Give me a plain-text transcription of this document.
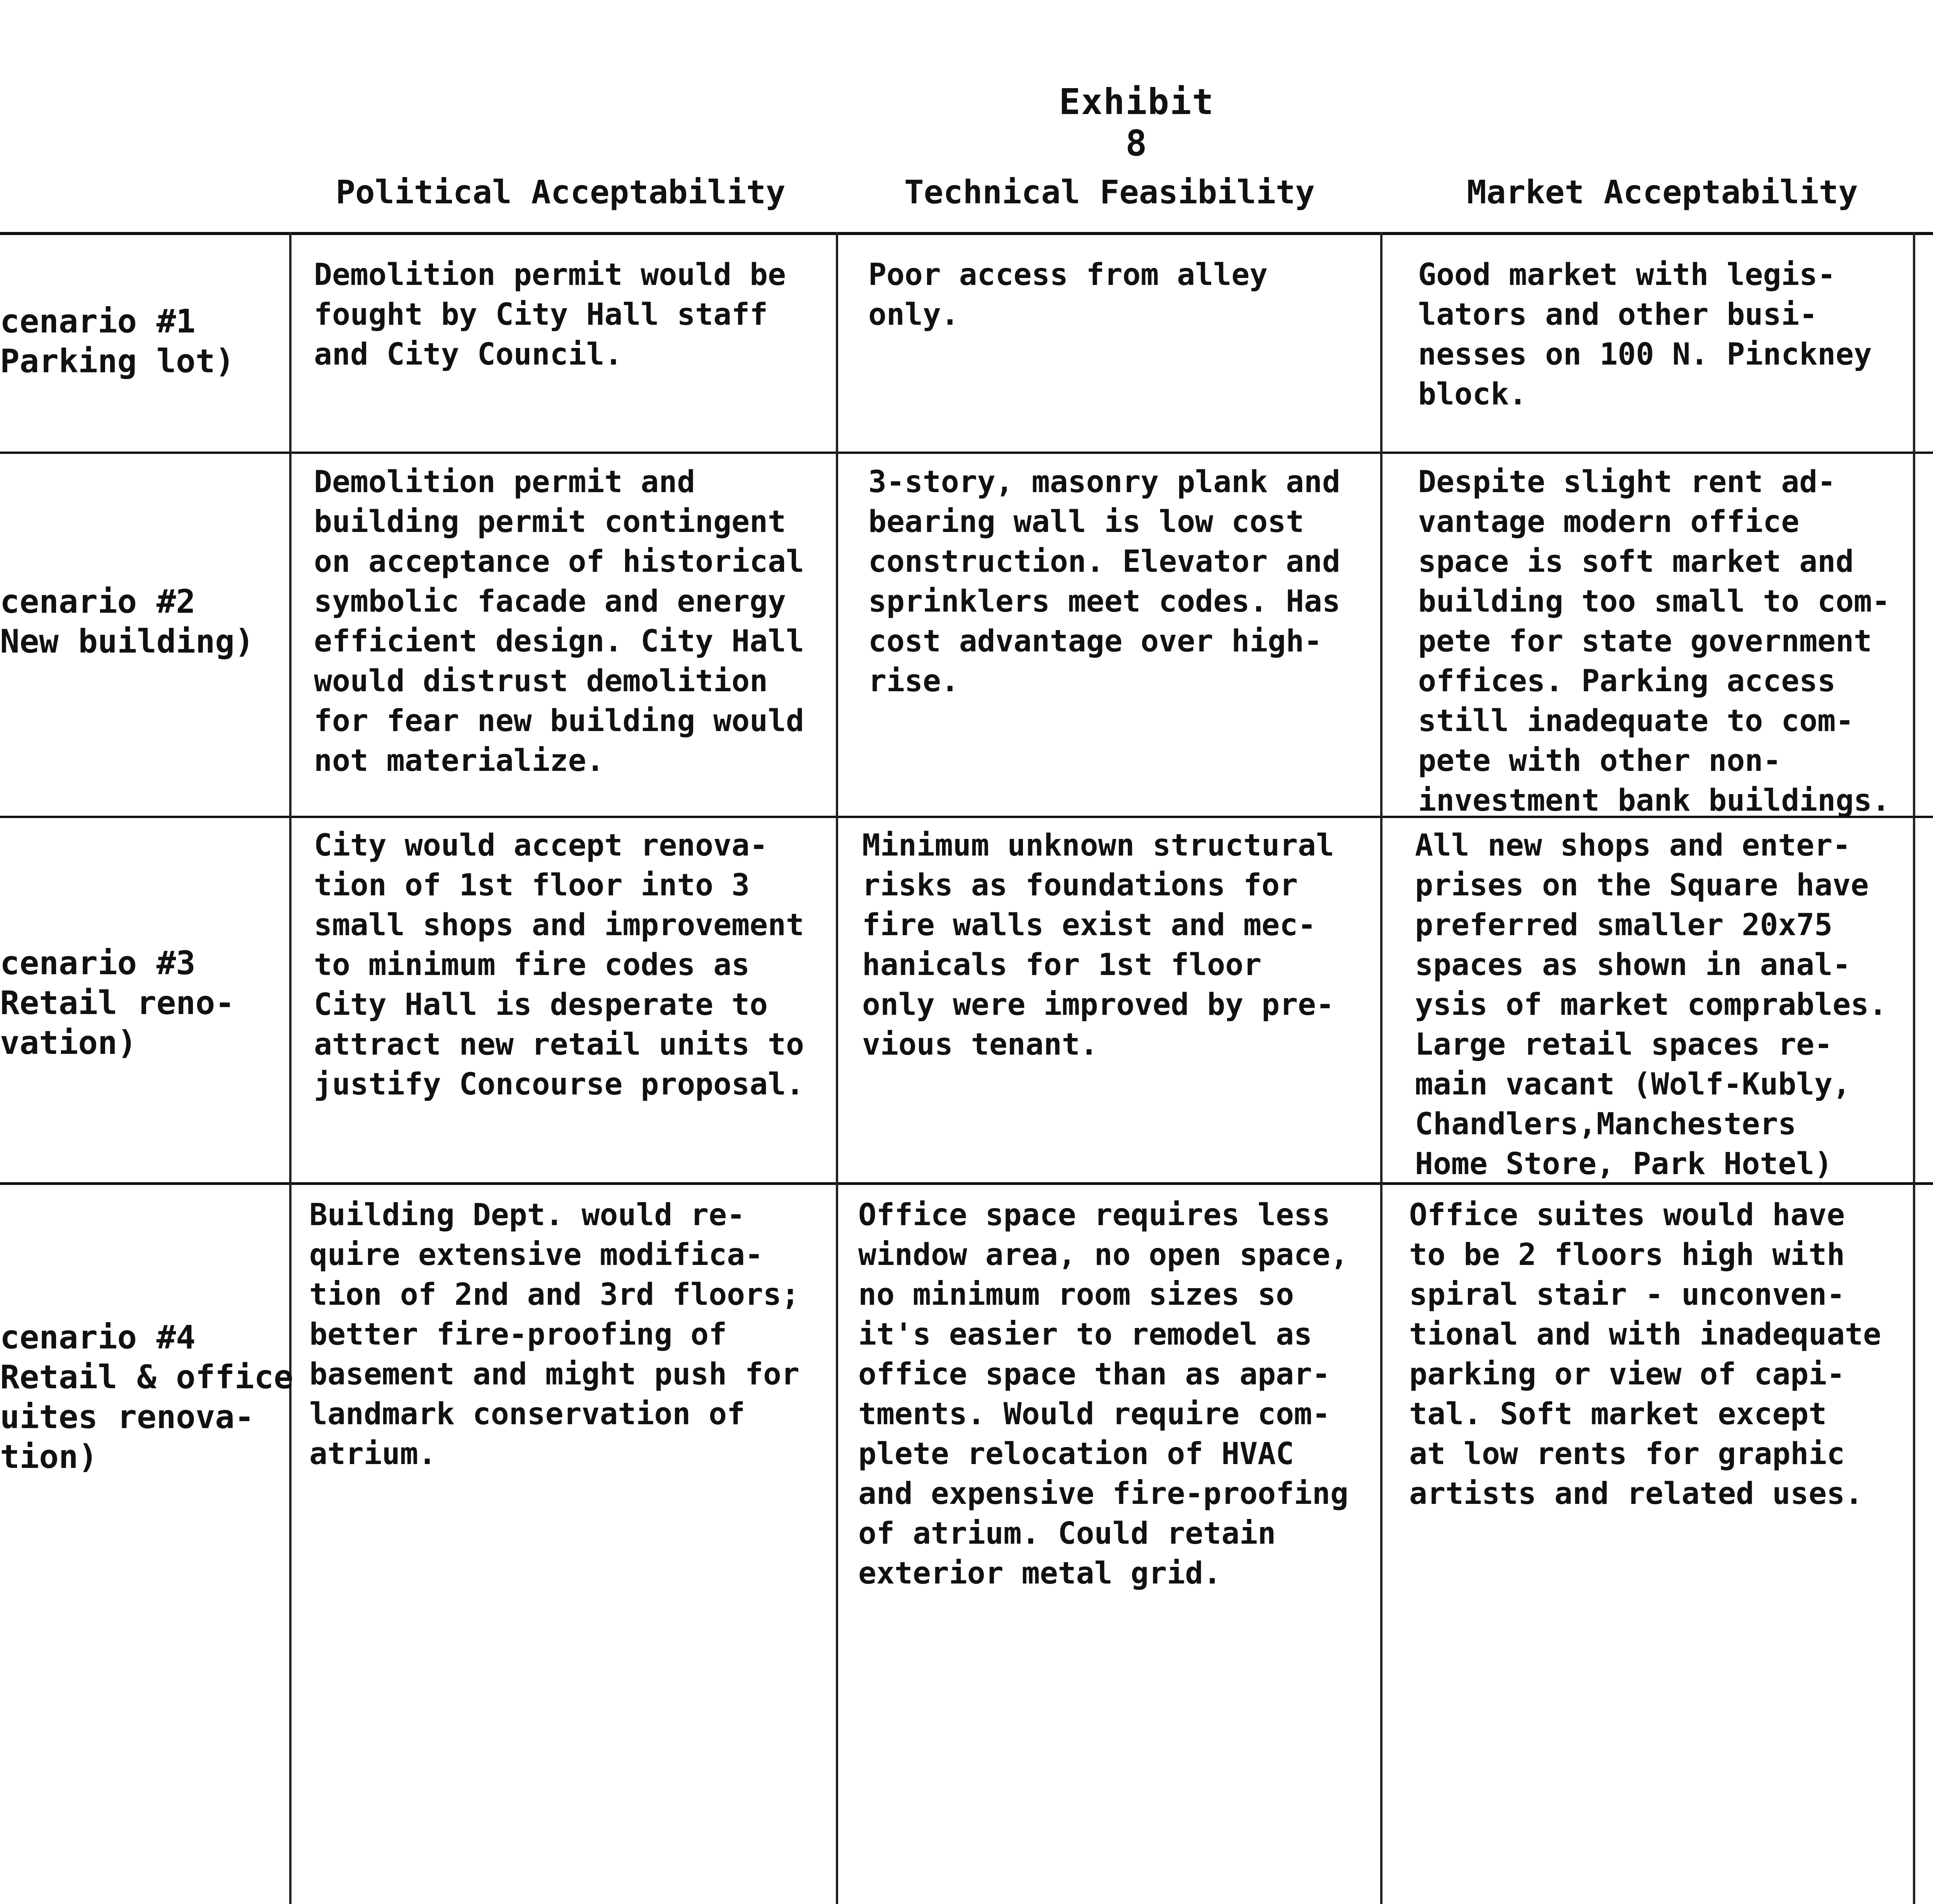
Exhibit 8
Political Acceptability	Technical Feasibility	Market Acceptability
cenario #1
Parking lot)
Demolition permit would be
fought by City Hall staff
and City Council.
Poor access from alley
only.
Good market with legis-
lators and other busi-
nesses on 100 N. Pinckney
block.
cenario #2
New building)
Demolition permit and
building permit contingent
on acceptance of historical
symbolic facade and energy
efficient design. City Hall
would distrust demolition
for fear new building would
not materialize.
3-story, masonry plank and
bearing wall is low cost
construction. Elevator and
sprinklers meet codes. Has
cost advantage over high-
rise.
Despite slight rent ad-
vantage modern office
space is soft market and
building too small to com-
pete for state government
offices. Parking access
still inadequate to com-
pete with other non-
investment bank buildings.
cenario #3
Retail reno-
vation)
City would accept renova-
tion of 1st floor into 3
small shops and improvement
to minimum fire codes as
City Hall is desperate to
attract new retail units to
justify Concourse proposal.
Minimum unknown structural
risks as foundations for
fire walls exist and mec-
hanicals for 1st floor
only were improved by pre-
vious tenant.
All new shops and enter-
prises on the Square have
preferred smaller 20x75
spaces as shown in anal-
ysis of market comprables.
Large retail spaces re-
main vacant (Wolf-Kubly,
Chandlers,Manchesters
Home Store, Park Hotel)
cenario #4
Retail & office
uites renova-
tion)
Building Dept. would re-
quire extensive modifica-
tion of 2nd and 3rd floors;
better fire-proofing of
basement and might push for
landmark conservation of
atrium.
Office space requires less
window area, no open space,
no minimum room sizes so
it's easier to remodel as
office space than as apar-
tments. Would require com-
plete relocation of HVAC
and expensive fire-proofing
of atrium. Could retain
exterior metal grid.
Office suites would have
to be 2 floors high with
spiral stair - unconven-
tional and with inadequate
parking or view of capi-
tal. Soft market except
at low rents for graphic
artists and related uses.
